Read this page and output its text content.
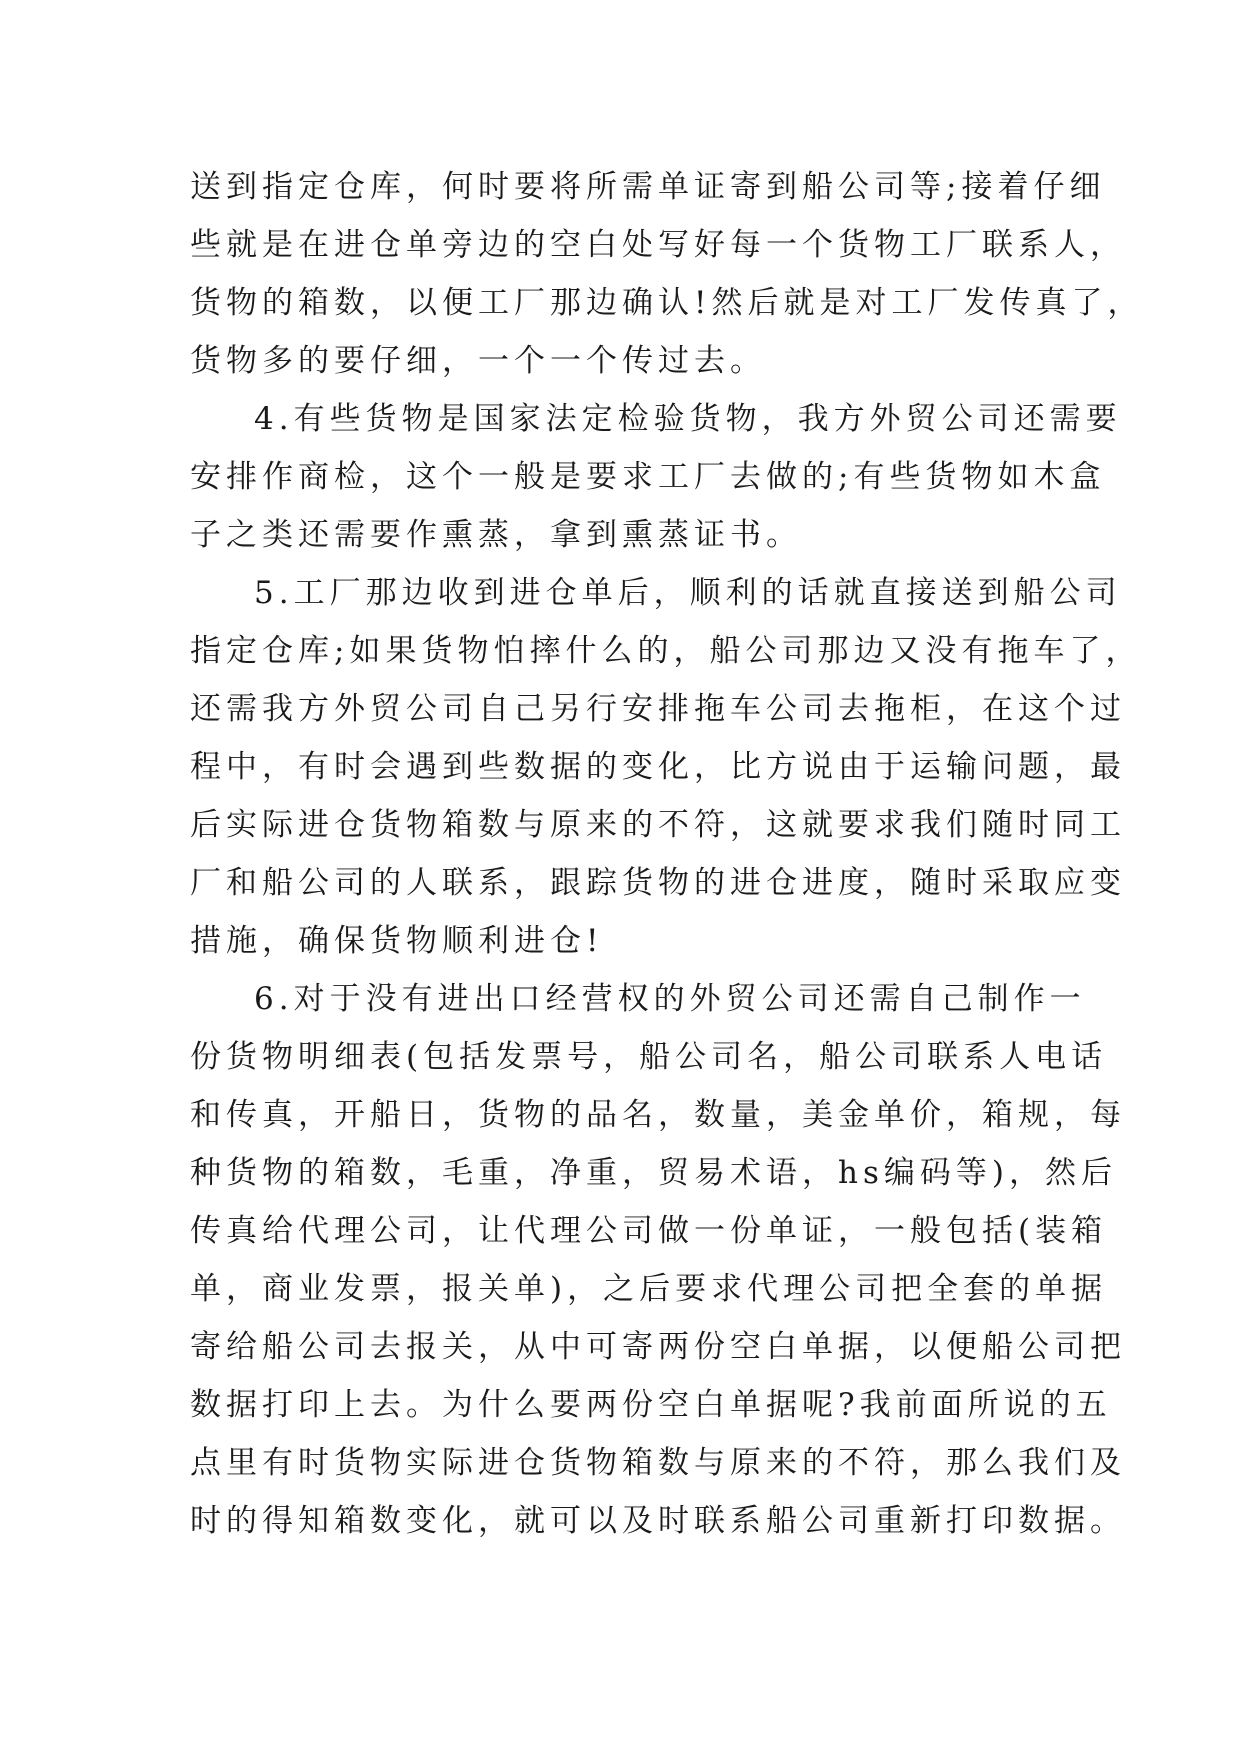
送到指定仓库，何时要将所需单证寄到船公司等;接着仔细
些就是在进仓单旁边的空白处写好每一个货物工厂联系人，
货物的箱数，以便工厂那边确认!然后就是对工厂发传真了，
货物多的要仔细，一个一个传过去。
4.有些货物是国家法定检验货物，我方外贸公司还需要
安排作商检，这个一般是要求工厂去做的;有些货物如木盒
子之类还需要作熏蒸，拿到熏蒸证书。
5.工厂那边收到进仓单后，顺利的话就直接送到船公司
指定仓库;如果货物怕摔什么的，船公司那边又没有拖车了，
还需我方外贸公司自己另行安排拖车公司去拖柜，在这个过
程中，有时会遇到些数据的变化，比方说由于运输问题，最
后实际进仓货物箱数与原来的不符，这就要求我们随时同工
厂和船公司的人联系，跟踪货物的进仓进度，随时采取应变
措施，确保货物顺利进仓!
6.对于没有进出口经营权的外贸公司还需自己制作一
份货物明细表(包括发票号，船公司名，船公司联系人电话
和传真，开船日，货物的品名，数量，美金单价，箱规，每
种货物的箱数，毛重，净重，贸易术语，hs编码等)，然后
传真给代理公司，让代理公司做一份单证，一般包括(装箱
单，商业发票，报关单)，之后要求代理公司把全套的单据
寄给船公司去报关，从中可寄两份空白单据，以便船公司把
数据打印上去。为什么要两份空白单据呢?我前面所说的五
点里有时货物实际进仓货物箱数与原来的不符，那么我们及
时的得知箱数变化，就可以及时联系船公司重新打印数据。
